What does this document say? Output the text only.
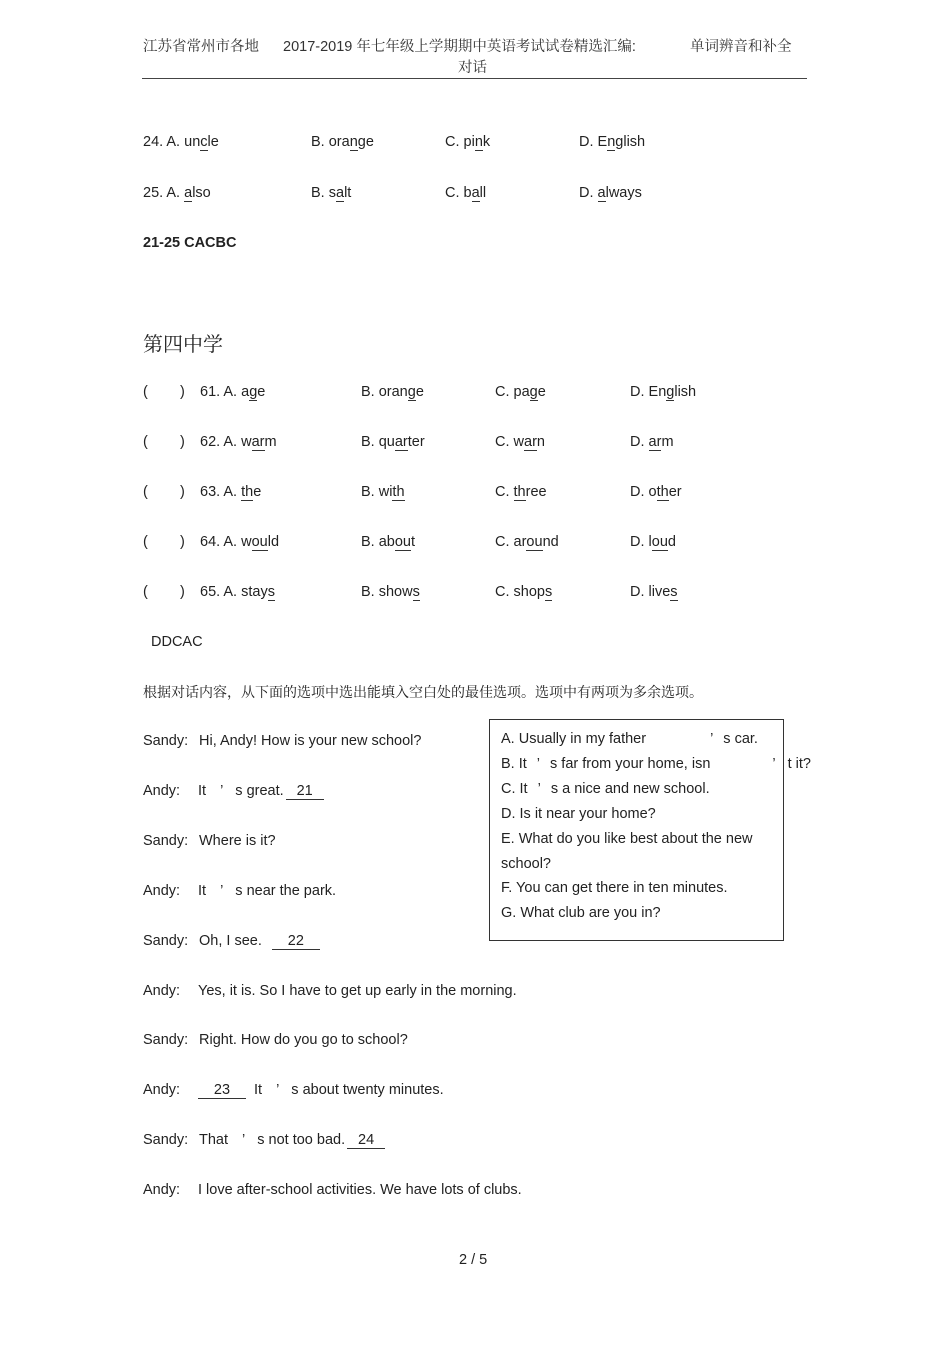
江苏省常州市各地 2017-2019 年七年级上学期期中英语考试试卷精选汇编:	单词辨音和补全
对话
24. A. uncle	B. orange	C. pink	D. English
25. A. also	B. salt	C. ball	D. always
21-25 CACBC
第四中学
( ) 61. A. age	B. orange	C. page	D. English
( ) 62. A. warm	B. quarter	C. warn	D. arm
( ) 63. A. the	B. with	C. three	D. other
( ) 64. A. would	B. about	C. around	D. loud
( ) 65. A. stays	B. shows	C. shops	D. lives
DDCAC
根据对话内容，从下面的选项中选出能填入空白处的最佳选项。选项中有两项为多余选项。
Sandy: Hi, Andy! How is your new school?
Andy: It ’ s great. 21
Sandy: Where is it?
Andy: It ’ s near the park.
Sandy: Oh, I see. 22
Andy: Yes, it is. So I have to get up early in the morning.
Sandy: Right. How do you go to school?
Andy:	23 It ’ s about twenty minutes.
Sandy: That ’ s not too bad. 24
Andy: I love after-school activities. We have lots of clubs.
A. Usually in my father	’ s car.
B. It ’ s far from your home, isn	’ t it?
C. It ’ s a nice and new school.
D. Is it near your home?
E. What do you like best about the new
school?
F. You can get there in ten minutes.
G. What club are you in?
2 / 5
